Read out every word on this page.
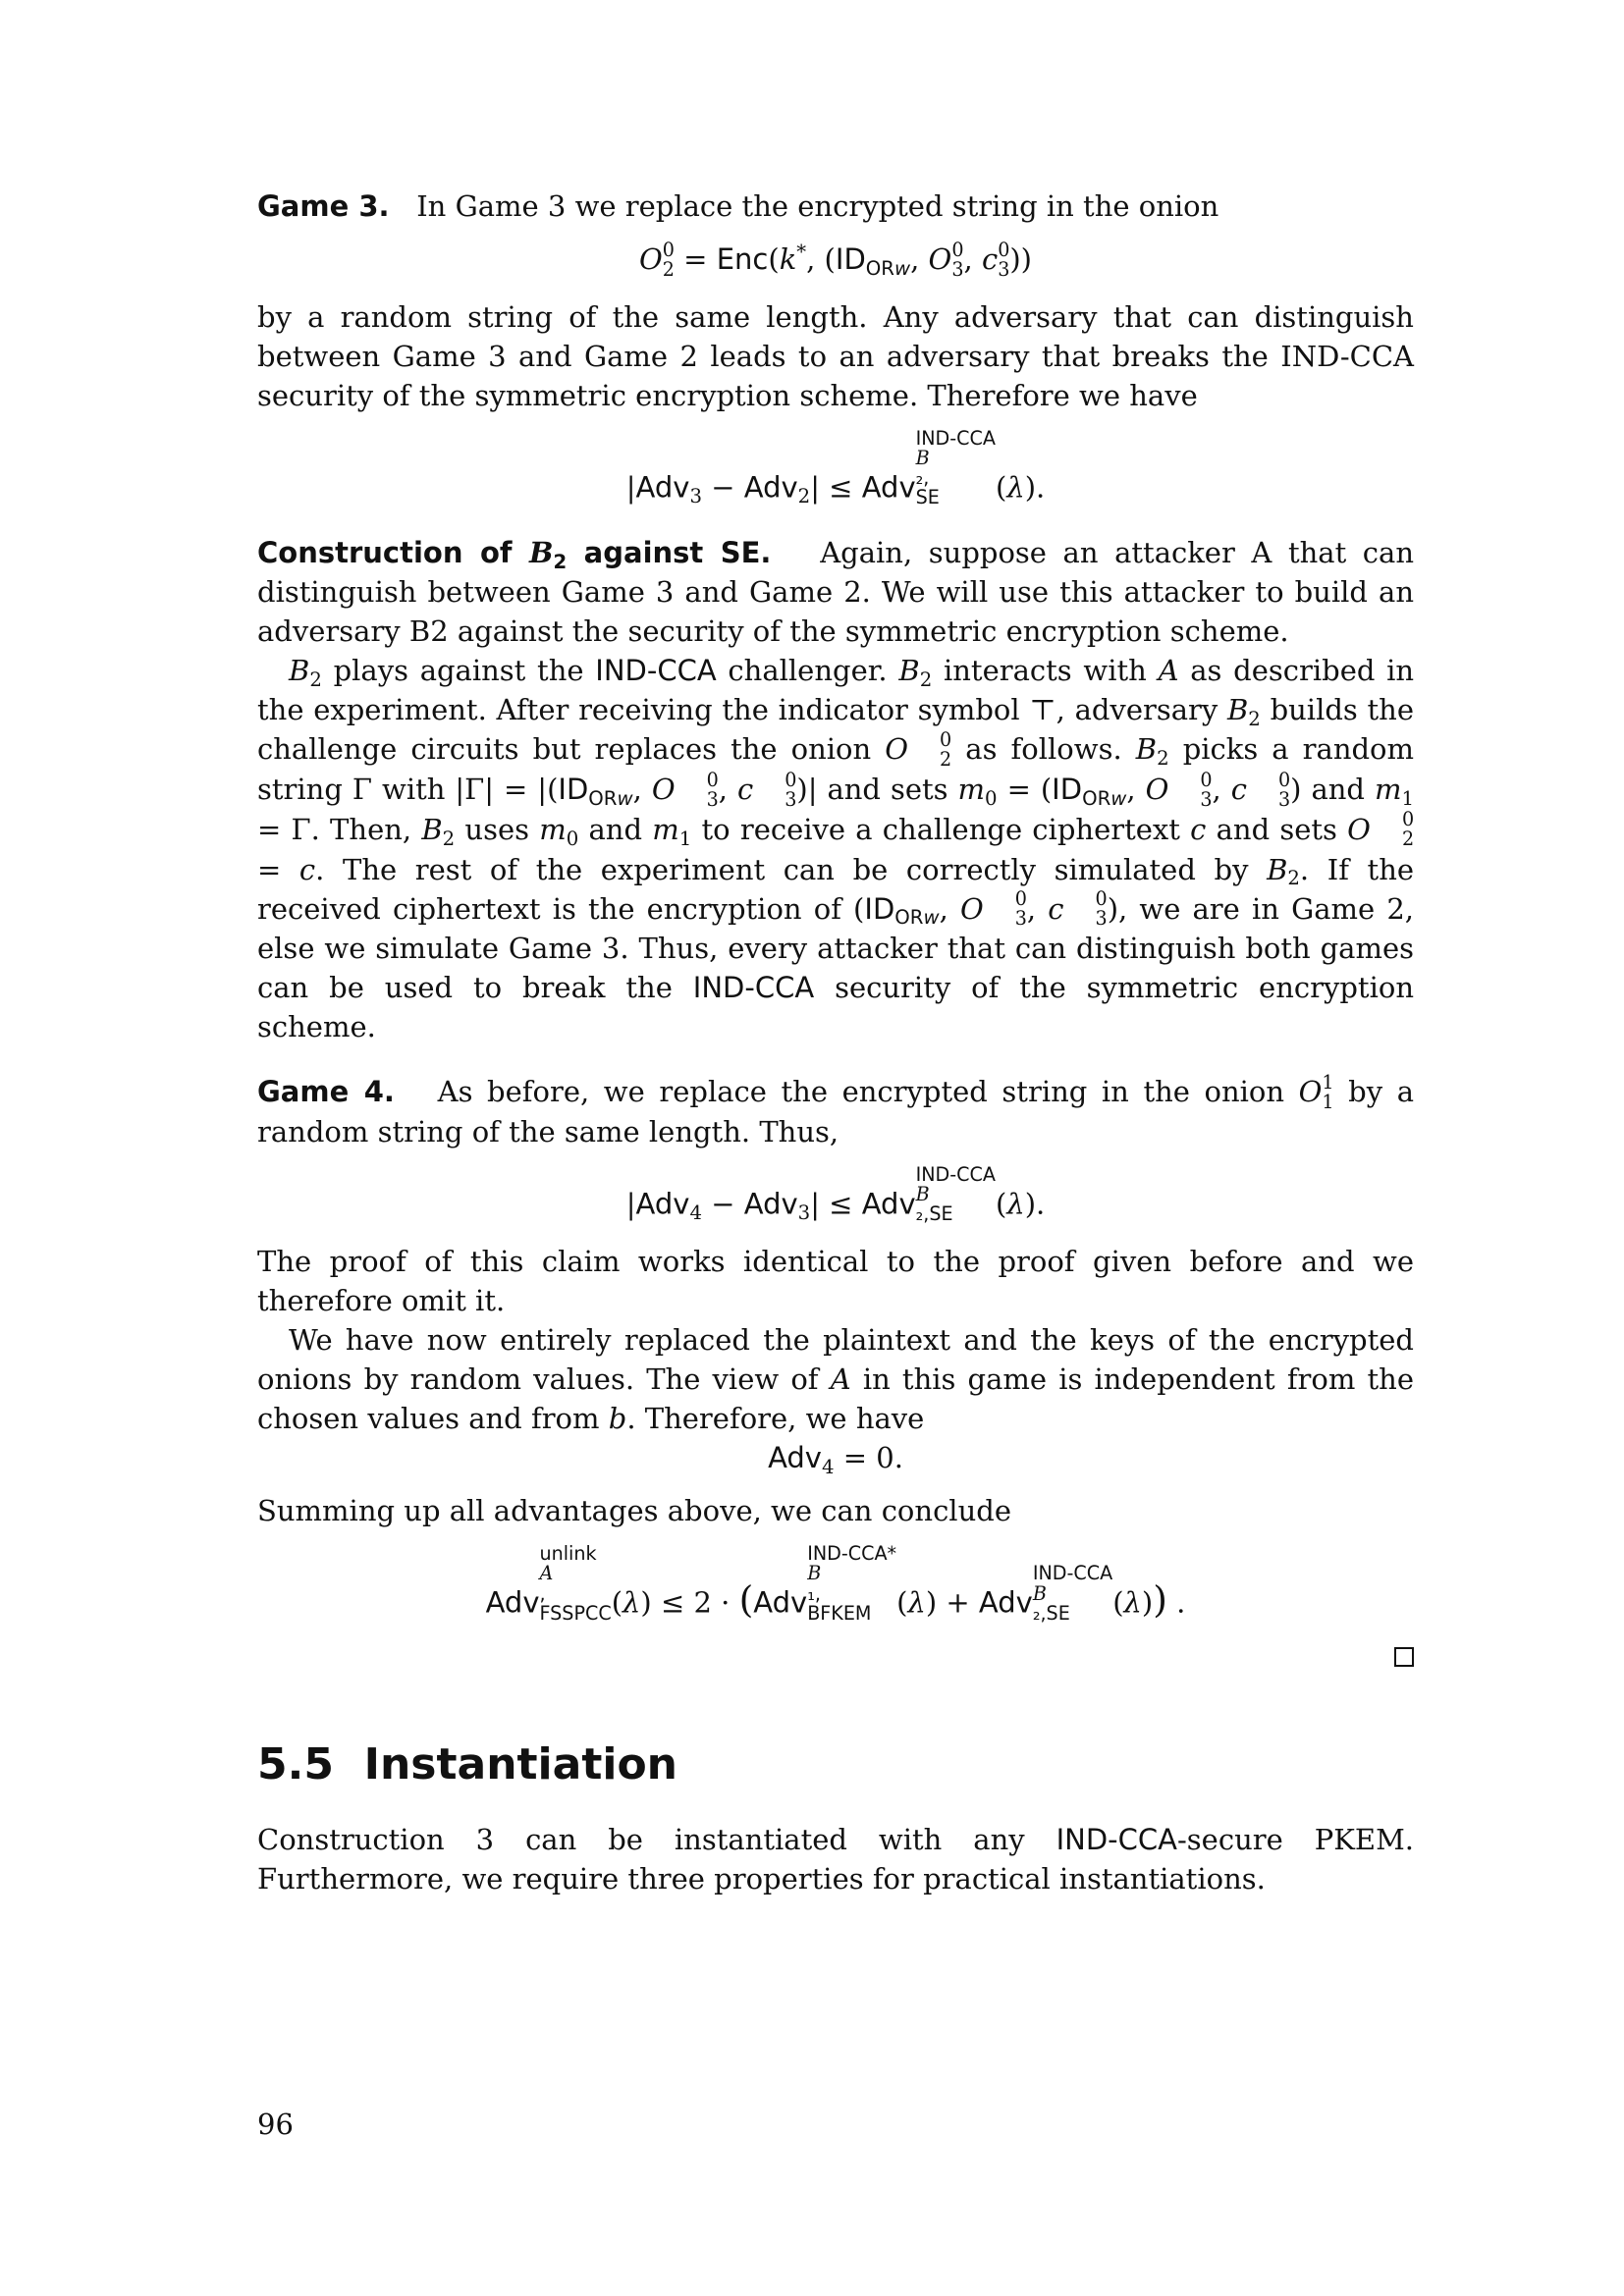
Game 3. In Game 3 we replace the encrypted string in the onion

O 0
2 = Enc(k*, ($ID_{ORw}$, O 0
3 , c 0
3 ))

by a random string of the same length. Any adversary that can distinguish between Game 3 and Game 2 leads to an adversary that breaks the IND-CCA security of the symmetric encryption scheme. Therefore we have

|Adv$_3$ − Adv$_2$| ≤ Adv
IND-CCA
B
₂,
SE	(λ).

Construction of $B_2$ against SE. Again, suppose an attacker A that can distinguish between Game 3 and Game 2. We will use this attacker to build an adversary B2 against the security of the symmetric encryption scheme.

$B_2$ plays against the IND-CCA challenger. $B_2$ interacts with A as described in the experiment. After receiving the indicator symbol ⊤, adversary $B_2$ builds the challenge circuits but replaces the onion O	0
2 as follows. $B_2$ picks a random string Γ with $|\Gamma| = |(ID_{ORw}$, O	0
3 , c	0
3 )| and sets $m_0 = (ID_{ORw}$, O	0
3 , c	0
3 ) and $m_1 = \Gamma$. Then, $B_2$ uses $m_0$ and $m_1$ to receive a challenge ciphertext c and sets O	0
2
= c. The rest of the experiment can be correctly simulated by $B_2$. If the received ciphertext is the encryption of ($ID_{ORw}$, O	0
3 , c	0
3 ), we are in Game 2, else we simulate Game 3. Thus, every attacker that can distinguish both games can be used to break the IND-CCA security of the symmetric encryption scheme.

Game 4. As before, we replace the encrypted string in the onion O 1
1 by a random string of the same length. Thus,

|Adv$_4$ − Adv$_3$| ≤ Adv
IND-CCA
B
₂,SE	(λ).

The proof of this claim works identical to the proof given before and we therefore omit it.

We have now entirely replaced the plaintext and the keys of the encrypted onions by random values. The view of A in this game is independent from the chosen values and from b. Therefore, we have

Adv$_4$ = 0.

Summing up all advantages above, we can conclude

Adv
unlink
A
,
FSSPCC (λ) ≤ 2 · (Adv
IND-CCA*
B
₁,
BFKEM (λ) + Adv
IND-CCA
B
₂,SE	(λ)) .
5.5 Instantiation

Construction 3 can be instantiated with any IND-CCA-secure PKEM. Furthermore, we require three properties for practical instantiations.

96
